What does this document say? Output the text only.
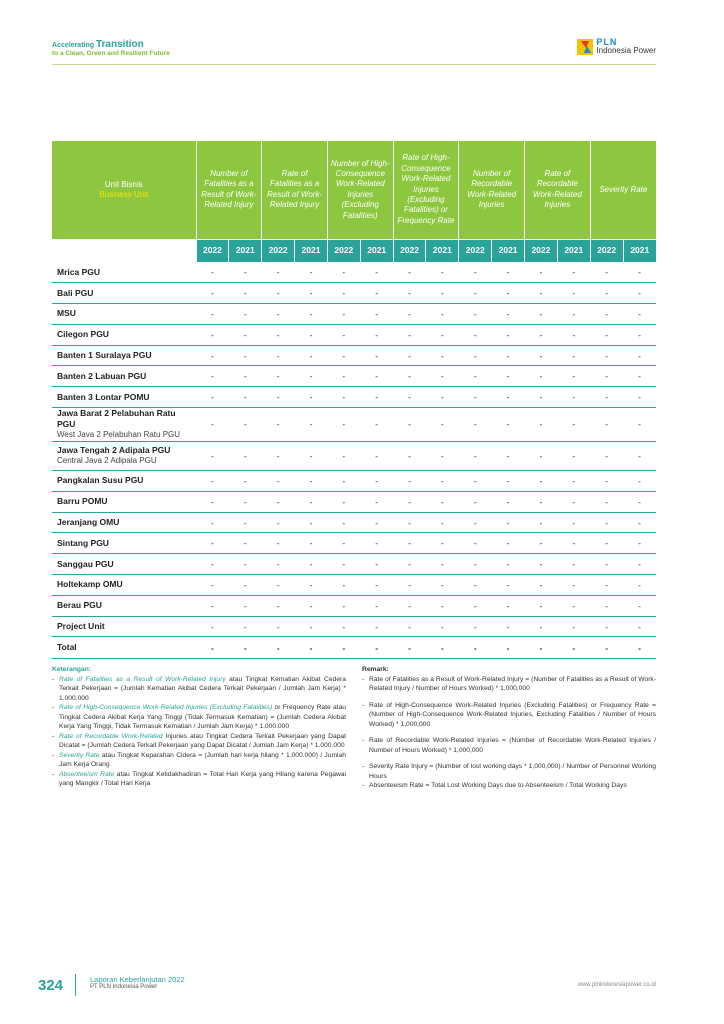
Accelerating Transition
to a Clean, Green and Resilient Future
PLN
Indonesia Power
Unit Bisnis
Business Unit	Number of Fatalities as a Result of Work-Related Injury		Rate of Fatalities as a Result of Work-Related Injury		Number of High-Consequence Work-Related Injuries (Excluding Fatalities)		Rate of High-Consequence Work-Related Injuries (Excluding Fatalities) or Frequency Rate		Number of Recordable Work-Related Injuries		Rate of Recordable Work-Related Injuries		Severity Rate	
	2022	2021	2022	2021	2022	2021	2022	2021	2022	2021	2022	2021	2022	2021
Mrica PGU	-	-	-	-	-	-	-	-	-	-	-	-	-	-
Bali PGU	-	-	-	-	-	-	-	-	-	-	-	-	-	-
MSU	-	-	-	-	-	-	-	-	-	-	-	-	-	-
Cilegon PGU	-	-	-	-	-	-	-	-	-	-	-	-	-	-
Banten 1 Suralaya PGU	-	-	-	-	-	-	-	-	-	-	-	-	-	-
Banten 2 Labuan PGU	-	-	-	-	-	-	-	-	-	-	-	-	-	-
Banten 3 Lontar POMU	-	-	-	-	-	-	-	-	-	-	-	-	-	-
Jawa Barat 2 Pelabuhan Ratu PGU
West Java 2 Pelabuhan Ratu PGU	-	-	-	-	-	-	-	-	-	-	-	-	-	-
Jawa Tengah 2 Adipala PGU
Central Java 2 Adipala PGU	-	-	-	-	-	-	-	-	-	-	-	-	-	-
Pangkalan Susu PGU	-	-	-	-	-	-	-	-	-	-	-	-	-	-
Barru POMU	-	-	-	-	-	-	-	-	-	-	-	-	-	-
Jeranjang OMU	-	-	-	-	-	-	-	-	-	-	-	-	-	-
Sintang PGU	-	-	-	-	-	-	-	-	-	-	-	-	-	-
Sanggau PGU	-	-	-	-	-	-	-	-	-	-	-	-	-	-
Holtekamp OMU	-	-	-	-	-	-	-	-	-	-	-	-	-	-
Berau PGU	-	-	-	-	-	-	-	-	-	-	-	-	-	-
Project Unit	-	-	-	-	-	-	-	-	-	-	-	-	-	-
Total	-	-	-	-	-	-	-	-	-	-	-	-	-	-
Keterangan:
- Rate of Fatalities as a Result of Work-Related Injury atau Tingkat Kematian Akibat Cedera Terkait Pekerjaan = (Jumlah Kematian Akibat Cedera Terkait Pekerjaan / Jumlah Jam Kerja) * 1.000.000
- Rate of High-Consequence Work-Related Injuries (Excluding Fatalities) or Frequency Rate atau Tingkat Cedera Akibat Kerja Yang Tinggi (Tidak Termasuk Kematian) = (Jumlah Cedera Akibat Kerja Yang Tinggi, Tidak Termasuk Kematian / Jumlah Jam Kerja) * 1.000.000
- Rate of Recordable Work-Related Injuries atau Tingkat Cedera Terkait Pekerjaan yang Dapat Dicatat = (Jumlah Cedera Terkait Pekerjaan yang Dapat Dicatat / Jumlah Jam Kerja) * 1.000.000
- Severity Rate atau Tingkat Keparahan Cidera = (Jumlah hari kerja hilang * 1.000.000) / Jumlah Jam Kerja Orang
- Absenteeism Rate atau Tingkat Ketidakhadiran = Total Hari Kerja yang Hilang karena Pegawai yang Mangkir / Total Hari Kerja
Remark:
- Rate of Fatalities as a Result of Work-Related Injury = (Number of Fatalities as a Result of Work-Related Injury / Number of Hours Worked) * 1,000,000
- Rate of High-Consequence Work-Related Injuries (Excluding Fatalities) or Frequency Rate = (Number of High-Consequence Work-Related Injuries, Excluding Fatalities / Number of Hours Worked) * 1,000,000
- Rate of Recordable Work-Related Injuries = (Number of Recordable Work-Related Injuries / Number of Hours Worked) * 1,000,000
- Severity Rate Injury = (Number of lost working days * 1,000,000) / Number of Personnel Working Hours
- Absenteeism Rate = Total Lost Working Days due to Absenteeism / Total Working Days
324	Laporan Keberlanjutan 2022
PT PLN Indonesia Power	www.plnindonesiapower.co.id
